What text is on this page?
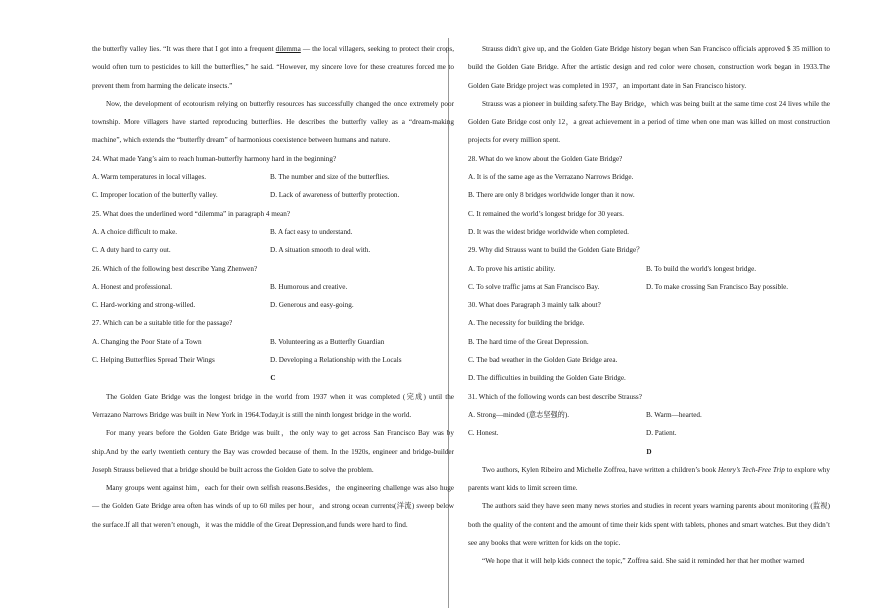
the butterfly valley lies. “It was there that I got into a frequent dilemma — the local villagers, seeking to protect their crops, would often turn to pesticides to kill the butterflies,” he said. “However, my sincere love for these creatures forced me to prevent them from harming the delicate insects.”

Now, the development of ecotourism relying on butterfly resources has successfully changed the once extremely poor township. More villagers have started reproducing butterflies. He describes the butterfly valley as a “dream-making machine”, which extends the “butterfly dream” of harmonious coexistence between humans and nature.

24. What made Yang’s aim to reach human-butterfly harmony hard in the beginning?

A. Warm temperatures in local villages.	B. The number and size of the butterflies.
C. Improper location of the butterfly valley.	D. Lack of awareness of butterfly protection.

25. What does the underlined word “dilemma” in paragraph 4 mean?

A. A choice difficult to make.	B. A fact easy to understand.
C. A duty hard to carry out.	D. A situation smooth to deal with.

26. Which of the following best describe Yang Zhenwen?

A. Honest and professional.	B. Humorous and creative.
C. Hard-working and strong-willed.	D. Generous and easy-going.

27. Which can be a suitable title for the passage?

A. Changing the Poor State of a Town	B. Volunteering as a Butterfly Guardian
C. Helping Butterflies Spread Their Wings	D. Developing a Relationship with the Locals

C

The Golden Gate Bridge was the longest bridge in the world from 1937 when it was completed (完成) until the Verrazano Narrows Bridge was built in New York in 1964.Today,it is still the ninth longest bridge in the world.

For many years before the Golden Gate Bridge was built，the only way to get across San Francisco Bay was by ship.And by the early twentieth century the Bay was crowded because of them. In the 1920s, engineer and bridge-builder Joseph Strauss believed that a bridge should be built across the Golden Gate to solve the problem.

Many groups went against him，each for their own selfish reasons.Besides，the engineering challenge was also huge — the Golden Gate Bridge area often has winds of up to 60 miles per hour，and strong ocean currents(洋流) sweep below the surface.If all that weren’t enough，it was the middle of the Great Depression,and funds were hard to find.

Strauss didn't give up, and the Golden Gate Bridge history began when San Francisco officials approved $ 35 million to build the Golden Gate Bridge. After the artistic design and red color were chosen, construction work began in 1933.The Golden Gate Bridge project was completed in 1937，an important date in San Francisco history.

Strauss was a pioneer in building safety.The Bay Bridge，which was being built at the same time cost 24 lives while the Golden Gate Bridge cost only 12，a great achievement in a period of time when one man was killed on most construction projects for every million spent.

28. What do we know about the Golden Gate Bridge?

A. It is of the same age as the Verrazano Narrows Bridge.

B. There are only 8 bridges worldwide longer than it now.

C. It remained the world’s longest bridge for 30 years.

D. It was the widest bridge worldwide when completed.

29. Why did Strauss want to build the Golden Gate Bridge？

A. To prove his artistic ability.	B. To build the world's longest bridge.
C. To solve traffic jams at San Francisco Bay.	D. To make crossing San Francisco Bay possible.

30. What does Paragraph 3 mainly talk about?

A. The necessity for building the bridge.

B. The hard time of the Great Depression.

C. The bad weather in the Golden Gate Bridge area.

D. The difficulties in building the Golden Gate Bridge.

31. Which of the following words can best describe Strauss?

A. Strong—minded (意志坚强的).	B. Warm—hearted.
C. Honest.	D. Patient.

D

Two authors, Kylen Ribeiro and Michelle Zoffrea, have written a children’s book Henry’s Tech-Free Trip to explore why parents want kids to limit screen time.

The authors said they have seen many news stories and studies in recent years warning parents about monitoring (监视) both the quality of the content and the amount of time their kids spent with tablets, phones and smart watches. But they didn’t see any books that were written for kids on the topic.

“We hope that it will help kids connect the topic,” Zoffrea said. She said it reminded her that her mother warned
